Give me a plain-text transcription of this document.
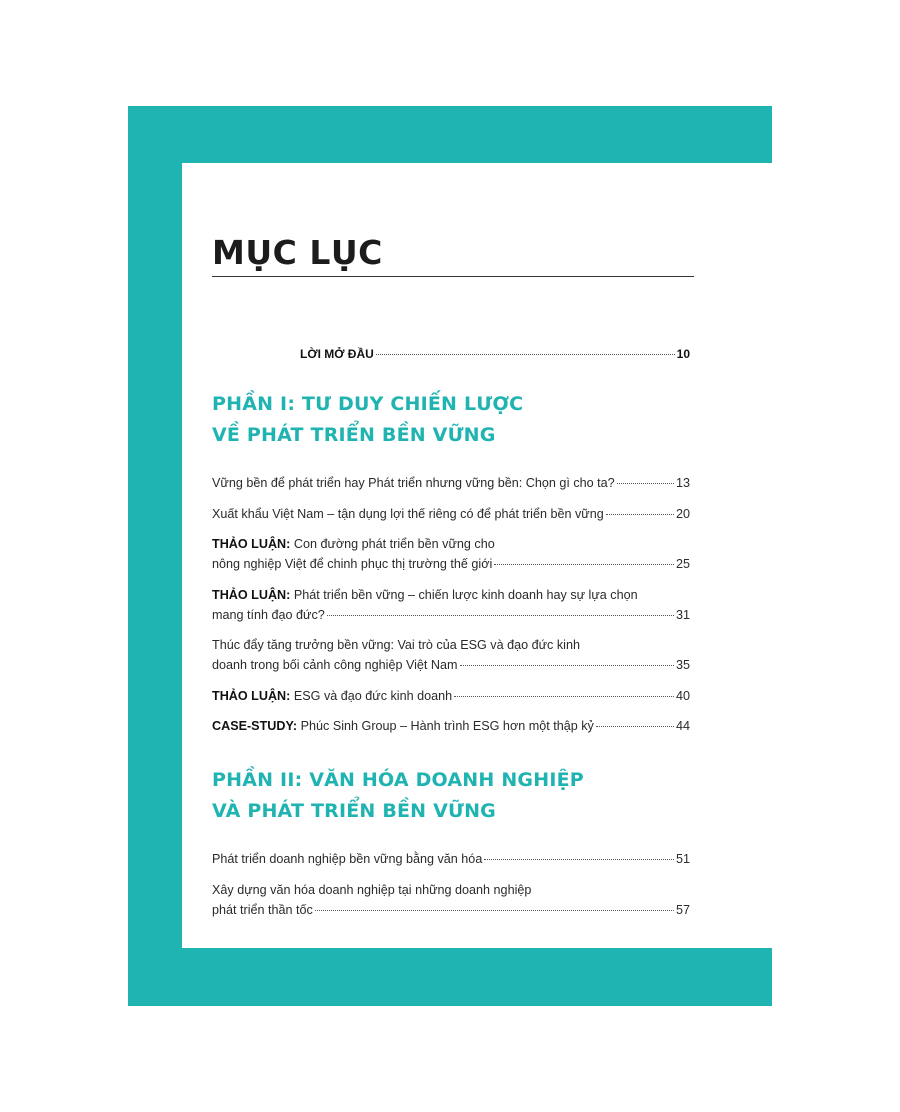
MỤC LỤC
LỜI MỞ ĐẦU	10
PHẦN I: TƯ DUY CHIẾN LƯỢC
VỀ PHÁT TRIỂN BỀN VỮNG
Vững bền để phát triển hay Phát triển nhưng vững bền: Chọn gì cho ta?	13
Xuất khẩu Việt Nam – tận dụng lợi thế riêng có để phát triển bền vững	20
THẢO LUẬN: Con đường phát triển bền vững cho
nông nghiệp Việt để chinh phục thị trường thế giới	25
THẢO LUẬN: Phát triển bền vững – chiến lược kinh doanh hay sự lựa chọn
mang tính đạo đức?	31
Thúc đẩy tăng trưởng bền vững: Vai trò của ESG và đạo đức kinh
doanh trong bối cảnh công nghiệp Việt Nam	35
THẢO LUẬN: ESG và đạo đức kinh doanh	40
CASE-STUDY: Phúc Sinh Group – Hành trình ESG hơn một thập kỷ	44
PHẦN II: VĂN HÓA DOANH NGHIỆP
VÀ PHÁT TRIỂN BỀN VỮNG
Phát triển doanh nghiệp bền vững bằng văn hóa	51
Xây dựng văn hóa doanh nghiệp tại những doanh nghiệp
phát triển thần tốc	57
